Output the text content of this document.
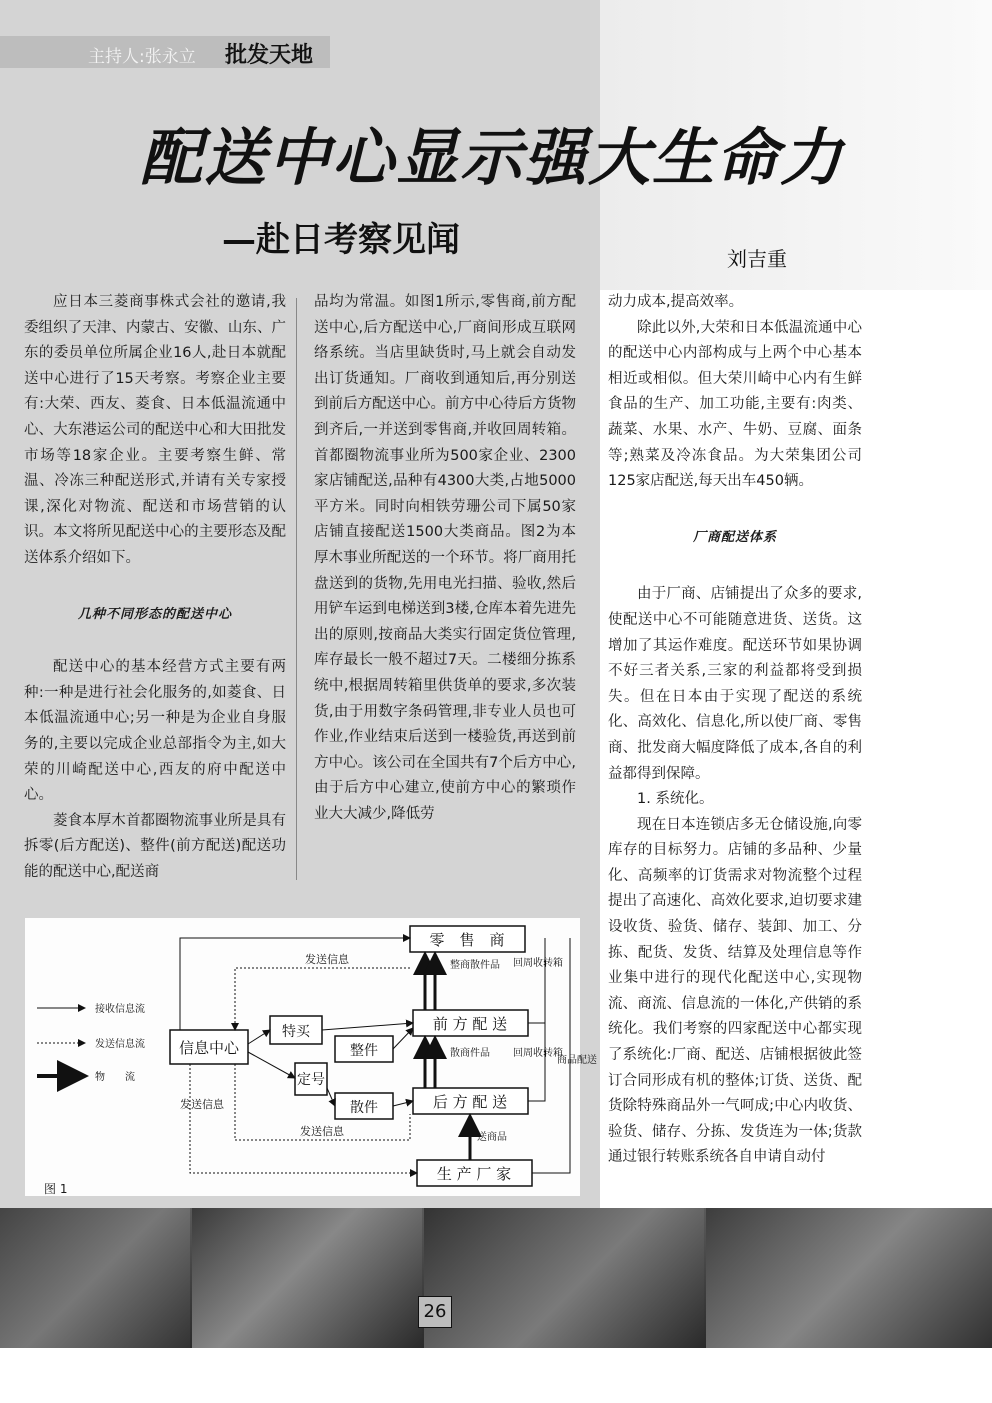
主持人:张永立 批发天地
配送中心显示强大生命力
—赴日考察见闻	刘吉重

应日本三菱商事株式会社的邀请,我委组织了天津、内蒙古、安徽、山东、广东的委员单位所属企业16人,赴日本就配送中心进行了15天考察。考察企业主要有:大荣、西友、菱食、日本低温流通中心、大东港运公司的配送中心和大田批发市场等18家企业。主要考察生鲜、常温、冷冻三种配送形式,并请有关专家授课,深化对物流、配送和市场营销的认识。本文将所见配送中心的主要形态及配送体系介绍如下。

几种不同形态的配送中心

配送中心的基本经营方式主要有两种:一种是进行社会化服务的,如菱食、日本低温流通中心;另一种是为企业自身服务的,主要以完成企业总部指令为主,如大荣的川崎配送中心,西友的府中配送中心。

菱食本厚木首都圈物流事业所是具有拆零(后方配送)、整件(前方配送)配送功能的配送中心,配送商

品均为常温。如图1所示,零售商,前方配送中心,后方配送中心,厂商间形成互联网络系统。当店里缺货时,马上就会自动发出订货通知。厂商收到通知后,再分别送到前后方配送中心。前方中心待后方货物到齐后,一并送到零售商,并收回周转箱。首都圈物流事业所为500家企业、2300家店铺配送,品种有4300大类,占地5000平方米。同时向相铁劳珊公司下属50家店铺直接配送1500大类商品。图2为本厚木事业所配送的一个环节。将厂商用托盘送到的货物,先用电光扫描、验收,然后用铲车运到电梯送到3楼,仓库本着先进先出的原则,按商品大类实行固定货位管理,库存最长一般不超过7天。二楼细分拣系统中,根据周转箱里供货单的要求,多次装货,由于用数字条码管理,非专业人员也可作业,作业结束后送到一楼验货,再送到前方中心。该公司在全国共有7个后方中心,由于后方中心建立,使前方中心的繁琐作业大大减少,降低劳

动力成本,提高效率。

除此以外,大荣和日本低温流通中心的配送中心内部构成与上两个中心基本相近或相似。但大荣川崎中心内有生鲜食品的生产、加工功能,主要有:肉类、蔬菜、水果、水产、牛奶、豆腐、面条等;熟菜及冷冻食品。为大荣集团公司125家店配送,每天出车450辆。

厂商配送体系

由于厂商、店铺提出了众多的要求,使配送中心不可能随意进货、送货。这增加了其运作难度。配送环节如果协调不好三者关系,三家的利益都将受到损失。但在日本由于实现了配送的系统化、高效化、信息化,所以使厂商、零售商、批发商大幅度降低了成本,各自的利益都得到保障。

1. 系统化。

现在日本连锁店多无仓储设施,向零库存的目标努力。店铺的多品种、少量化、高频率的订货需求对物流整个过程提出了高速化、高效化要求,迫切要求建设收货、验货、储存、装卸、加工、分拣、配货、发货、结算及处理信息等作业集中进行的现代化配送中心,实现物流、商流、信息流的一体化,产供销的系统化。我们考察的四家配送中心都实现了系统化:厂商、配送、店铺根据彼此签订合同形成有机的整体;订货、送货、配货除特殊商品外一气呵成;中心内收货、验货、储存、分拣、发货连为一体;货款通过银行转账系统各自申请自动付

接收信息流
发送信息流
物　　流
零　售　商
信息中心
特买
整件
定号
散件
前 方 配 送
后 方 配 送
生 产 厂 家
发送信息
发送信息
发送信息
整商散件品 回周收转箱
散商件品 回周收转箱
商品配送
送商品
图 1
26
